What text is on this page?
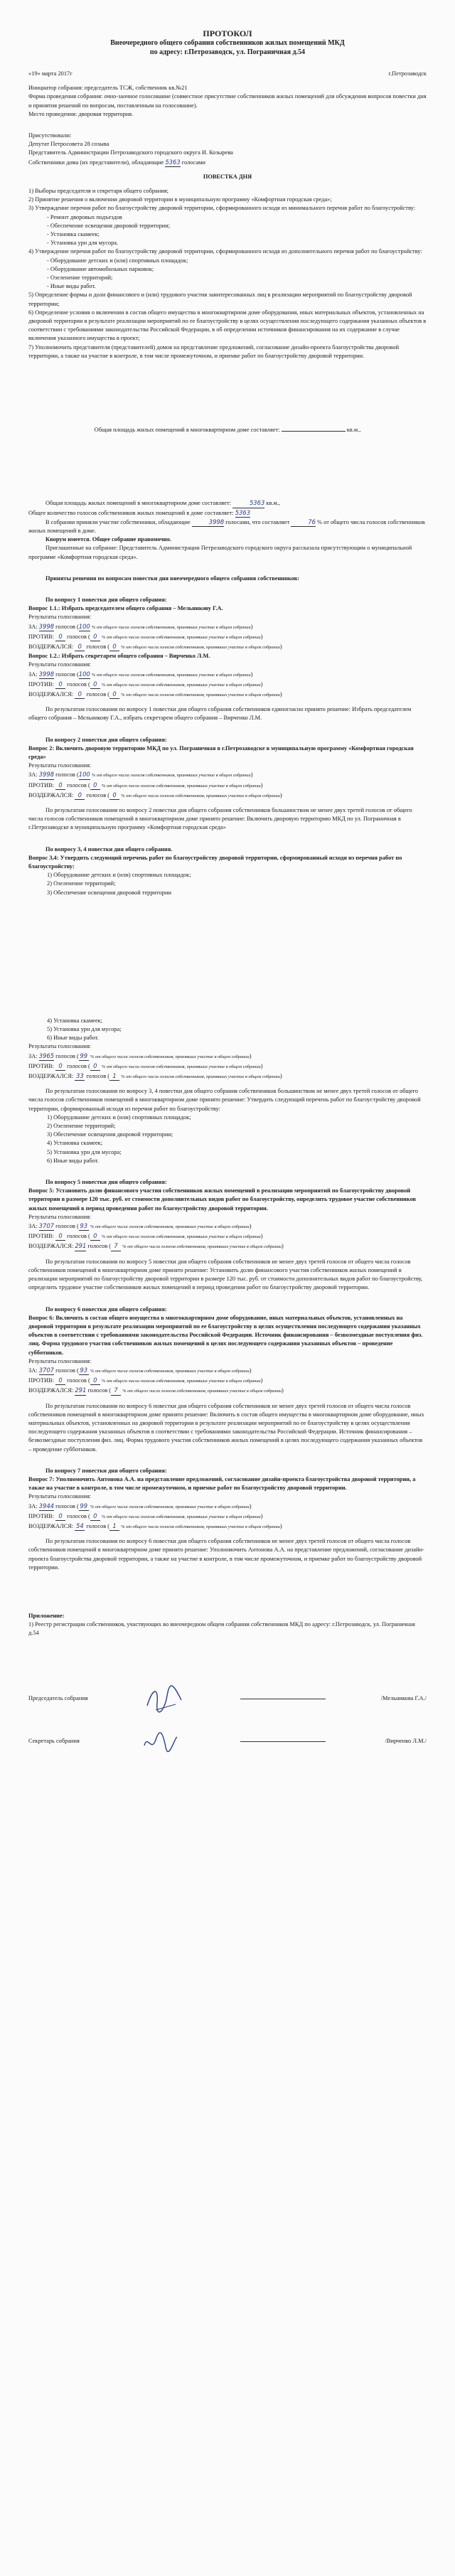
ПРОТОКОЛ
Внеочередного общего собрания собственников жилых помещений МКД
по адресу: г.Петрозаводск, ул. Пограничная д.54
«19» марта 2017г	г.Петрозаводск

Инициатор собрания: председатель ТСЖ, собственник кв.№21

Форма проведения собрания: очно-заочное голосование (совместное присутствие собственников жилых помещений для обсуждения вопросов повестки дня и принятия решений по вопросам, поставленным на голосование).

Место проведения: дворовая территория.

Присутствовали:

Депутат Петросовета 28 созыва

Представитель Администрации Петрозаводского городского округа И. Козырева

Собственники дома (их представители), обладающие 5363 голосами

ПОВЕСТКА ДНЯ

1) Выборы председателя и секретаря общего собрания;

2) Принятие решения о включении дворовой территории в муниципальную программу «Комфортная городская среда»;

3) Утверждение перечня работ по благоустройству дворовой территории, сформированного исходя из минимального перечня работ по благоустройству:

- Ремонт дворовых подъездов

- Обеспечение освещения дворовой территории;

- Установка скамеек;

- Установка урн для мусора.

4) Утверждение перечня работ по благоустройству дворовой территории, сформированного исходя из дополнительного перечня работ по благоустройству:

- Оборудование детских и (или) спортивных площадок;

- Оборудование автомобильных парковок;

- Озеленение территорий;

- Иные виды работ.

5) Определение формы и доли финансового и (или) трудового участия заинтересованных лиц в реализации мероприятий по благоустройству дворовой территории;

6) Определение условия о включении в состав общего имущества в многоквартирном доме оборудования, иных материальных объектов, установленных на дворовой территории в результате реализации мероприятий по ее благоустройству в целях осуществления последующего содержания указанных объектов в соответствии с требованиями законодательства Российской Федерации, в об определении источников финансирования на их содержание в случае включения указанного имущества в проект;

7) Уполномочить представителя (представителей) домов на представление предложений, согласование дизайн-проекта благоустройства дворовой территории, а также на участие в контроле, в том числе промежуточном, и приемке работ по благоустройству дворовой территории.

Общая площадь жилых помещений в многоквартирном доме составляет:	кв.м.,

Общая площадь жилых помещений в многоквартирном доме составляет:	5363 кв.м.,

Общее количество голосов собственников жилых помещений в доме составляет: 5363

В собрании приняли участие собственники, обладающие	3998 голосами, что составляет	76 % от общего числа голосов собственников жилых помещений в доме.

Кворум имеется. Общее собрание правомочно.

Приглашенные на собрание: Представитель Администрации Петрозаводского городского округа рассказала присутствующим о муниципальной программе «Комфортная городская среда».

Приняты решения по вопросам повестки дня внеочередного общего собрания собственников:

По вопросу 1 повестки дня общего собрания:

Вопрос 1.1.: Избрать председателем общего собрания – Мельникову Г.А.

Результаты голосования:

ЗА: 3998 голосов (100 % от общего числа голосов собственников, принявших участие в общем собрании)

ПРОТИВ: 0 голосов ( 0 % от общего числа голосов собственников, принявших участие в общем собрании)

ВОЗДЕРЖАЛСЯ: 0 голосов ( 0 % от общего числа голосов собственников, принявших участие в общем собрании)

Вопрос 1.2.: Избрать секретарем общего собрания – Вирченко Л.М.

Результаты голосования:

ЗА: 3998 голосов (100 % от общего числа голосов собственников, принявших участие в общем собрании)

ПРОТИВ: 0 голосов ( 0 % от общего числа голосов собственников, принявших участие в общем собрании)

ВОЗДЕРЖАЛСЯ: 0 голосов ( 0 % от общего числа голосов собственников, принявших участие в общем собрании)

По результатам голосования по вопросу 1 повестки дня общего собрания собственников единогласно принято решение: Избрать председателем общего собрания – Мельникову Г.А., избрать секретарем общего собрания – Вирченко Л.М.

По вопросу 2 повестки дня общего собрания:

Вопрос 2: Включить дворовую территорию МКД по ул. Пограничная в г.Петрозаводске в муниципальную программу «Комфортная городская среда»

Результаты голосования:

ЗА: 3998 голосов (100 % от общего числа голосов собственников, принявших участие в общем собрании)

ПРОТИВ: 0 голосов ( 0 % от общего числа голосов собственников, принявших участие в общем собрании)

ВОЗДЕРЖАЛСЯ: 0 голосов ( 0 % от общего числа голосов собственников, принявших участие в общем собрании)

По результатам голосования по вопросу 2 повестки дня общего собрания собственников большинством не менее двух третей голосов от общего числа голосов собственников помещений в многоквартирном доме принято решение: Включить дворовую территорию МКД по ул. Пограничная в г.Петрозаводске в муниципальную программу «Комфортная городская среда»

По вопросу 3, 4 повестки дня общего собрания.

Вопрос 3,4: Утвердить следующий перечень работ по благоустройству дворовой территории, сформированный исходя из перечня работ по благоустройству:

1) Оборудование детских и (или) спортивных площадок;

2) Озеленение территорий;

3) Обеспечение освещения дворовой территории

4) Установка скамеек;

5) Установка урн для мусора;

6) Иные виды работ.

Результаты голосования:

ЗА: 3965 голосов ( 99 % от общего числа голосов собственников, принявших участие в общем собрании)

ПРОТИВ: 0 голосов ( 0 % от общего числа голосов собственников, принявших участие в общем собрании)

ВОЗДЕРЖАЛСЯ: 33 голосов ( 1 % от общего числа голосов собственников, принявших участие в общем собрании)

По результатам голосования по вопросу 3, 4 повестки дня общего собрания собственников большинством не менее двух третей голосов от общего числа голосов собственников помещений в многоквартирном доме принято решение: Утвердить следующий перечень работ по благоустройству дворовой территории, сформированный исходя из перечня работ по благоустройству:

1) Оборудование детских и (или) спортивных площадок;

2) Озеленение территорий;

3) Обеспечение освещения дворовой территории;

4) Установка скамеек;

5) Установка урн для мусора;

6) Иные виды работ.

По вопросу 5 повестки дня общего собрания:

Вопрос 5: Установить долю финансового участия собственников жилых помещений в реализации мероприятий по благоустройству дворовой территории в размере 120 тыс. руб. от стоимости дополнительных видов работ по благоустройству, определить трудовое участие собственников жилых помещений в период проведения работ по благоустройству дворовой территории.

Результаты голосования:

ЗА: 3707 голосов ( 93 % от общего числа голосов собственников, принявших участие в общем собрании)

ПРОТИВ: 0 голосов ( 0 % от общего числа голосов собственников, принявших участие в общем собрании)

ВОЗДЕРЖАЛСЯ: 291 голосов ( 7 % от общего числа голосов собственников, принявших участие в общем собрании)

По результатам голосования по вопросу 5 повестки дня общего собрания собственников не менее двух третей голосов от общего числа голосов собственников помещений в многоквартирном доме принято решение: Установить долю финансового участия собственников жилых помещений в реализации мероприятий по благоустройству дворовой территории в размере 120 тыс. руб. от стоимости дополнительных видов работ по благоустройству, определить трудовое участие собственников жилых помещений в период проведения работ по благоустройству дворовой территории.

По вопросу 6 повестки дня общего собрания:

Вопрос 6: Включить в состав общего имущества в многоквартирном доме оборудование, иных материальных объектов, установленных на дворовой территории в результате реализации мероприятий по ее благоустройству в целях осуществления последующего содержания указанных объектов в соответствии с требованиями законодательства Российской Федерации. Источник финансирования – безвозмездные поступления физ. лиц. Форма трудового участия собственников жилых помещений в целях последующего содержания указанных объектов – проведение субботников.

Результаты голосования:

ЗА: 3707 голосов ( 93 % от общего числа голосов собственников, принявших участие в общем собрании)

ПРОТИВ: 0 голосов ( 0 % от общего числа голосов собственников, принявших участие в общем собрании)

ВОЗДЕРЖАЛСЯ: 291 голосов ( 7 % от общего числа голосов собственников, принявших участие в общем собрании)

По результатам голосования по вопросу 6 повестки дня общего собрания собственников не менее двух третей голосов от общего числа голосов собственников помещений в многоквартирном доме принято решение: Включить в состав общего имущества в многоквартирном доме оборудование, иных материальных объектов, установленных на дворовой территории в результате реализации мероприятий по ее благоустройству в целях осуществления последующего содержания указанных объектов в соответствии с требованиями законодательства Российской Федерации. Источник финансирования – безвозмездные поступления физ. лиц. Форма трудового участия собственников жилых помещений в целях последующего содержания указанных объектов – проведение субботников.

По вопросу 7 повестки дня общего собрания:

Вопрос 7: Уполномочить Антонова А.А. на представление предложений, согласование дизайн-проекта благоустройства дворовой территории, а также на участие в контроле, в том числе промежуточном, и приемке работ по благоустройству дворовой территории.

Результаты голосования:

ЗА: 3944 голосов ( 99 % от общего числа голосов собственников, принявших участие в общем собрании)

ПРОТИВ: 0 голосов ( 0 % от общего числа голосов собственников, принявших участие в общем собрании)

ВОЗДЕРЖАЛСЯ: 54 голосов ( 1 % от общего числа голосов собственников, принявших участие в общем собрании)

По результатам голосования по вопросу 6 повестки дня общего собрания собственников не менее двух третей голосов от общего числа голосов собственников помещений в многоквартирном доме принято решение: Уполномочить Антонова А.А. на представление предложений, согласование дизайн-проекта благоустройства дворовой территории, а также на участие в контроле, в том числе промежуточном, и приемке работ по благоустройству дворовой территории.

Приложение:

1) Реестр регистрации собственников, участвующих во внеочередном общем собрании собственников МКД по адресу: г.Петрозаводск, ул. Пограничная д.54

Председатель собрания	/Мельникова Г.А./
Секретарь собрания	/Вирченко Л.М./
